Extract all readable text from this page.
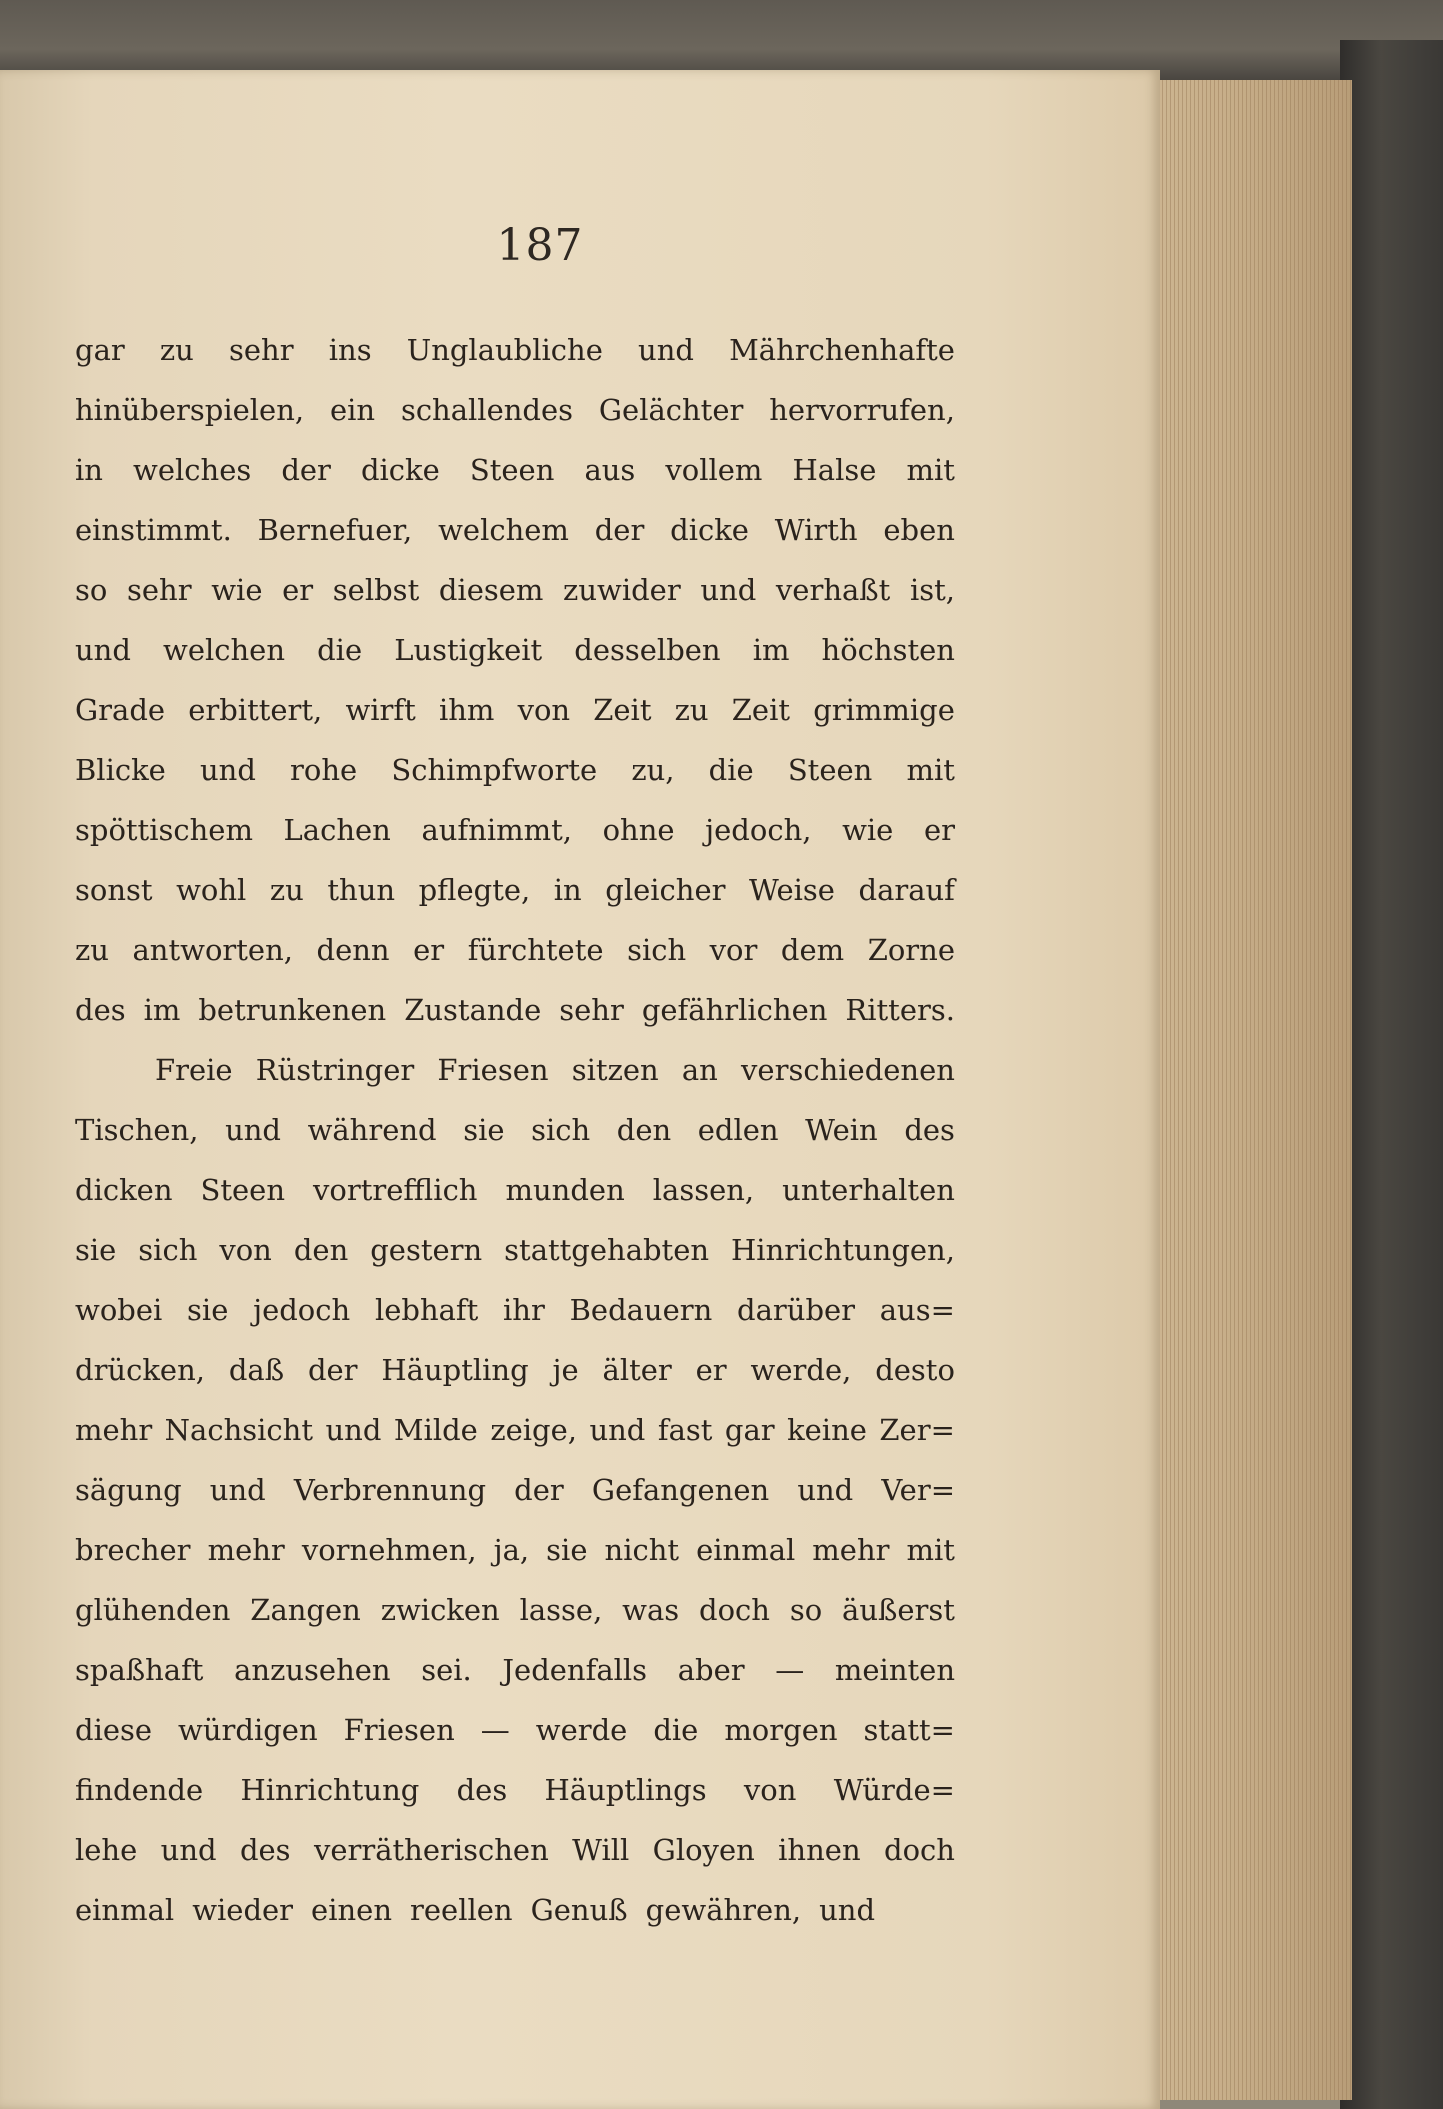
187
gar zu sehr ins Unglaubliche und Mährchenhafte
hinüberspielen, ein schallendes Gelächter hervorrufen,
in welches der dicke Steen aus vollem Halse mit
einstimmt. Bernefuer, welchem der dicke Wirth eben
so sehr wie er selbst diesem zuwider und verhaßt ist,
und welchen die Lustigkeit desselben im höchsten
Grade erbittert, wirft ihm von Zeit zu Zeit grimmige
Blicke und rohe Schimpfworte zu, die Steen mit
spöttischem Lachen aufnimmt, ohne jedoch, wie er
sonst wohl zu thun pflegte, in gleicher Weise darauf
zu antworten, denn er fürchtete sich vor dem Zorne
des im betrunkenen Zustande sehr gefährlichen Ritters.
Freie Rüstringer Friesen sitzen an verschiedenen
Tischen, und während sie sich den edlen Wein des
dicken Steen vortrefflich munden lassen, unterhalten
sie sich von den gestern stattgehabten Hinrichtungen,
wobei sie jedoch lebhaft ihr Bedauern darüber aus=
drücken, daß der Häuptling je älter er werde, desto
mehr Nachsicht und Milde zeige, und fast gar keine Zer=
sägung und Verbrennung der Gefangenen und Ver=
brecher mehr vornehmen, ja, sie nicht einmal mehr mit
glühenden Zangen zwicken lasse, was doch so äußerst
spaßhaft anzusehen sei. Jedenfalls aber — meinten
diese würdigen Friesen — werde die morgen statt=
findende Hinrichtung des Häuptlings von Würde=
lehe und des verrätherischen Will Gloyen ihnen doch
einmal wieder einen reellen Genuß gewähren, und
